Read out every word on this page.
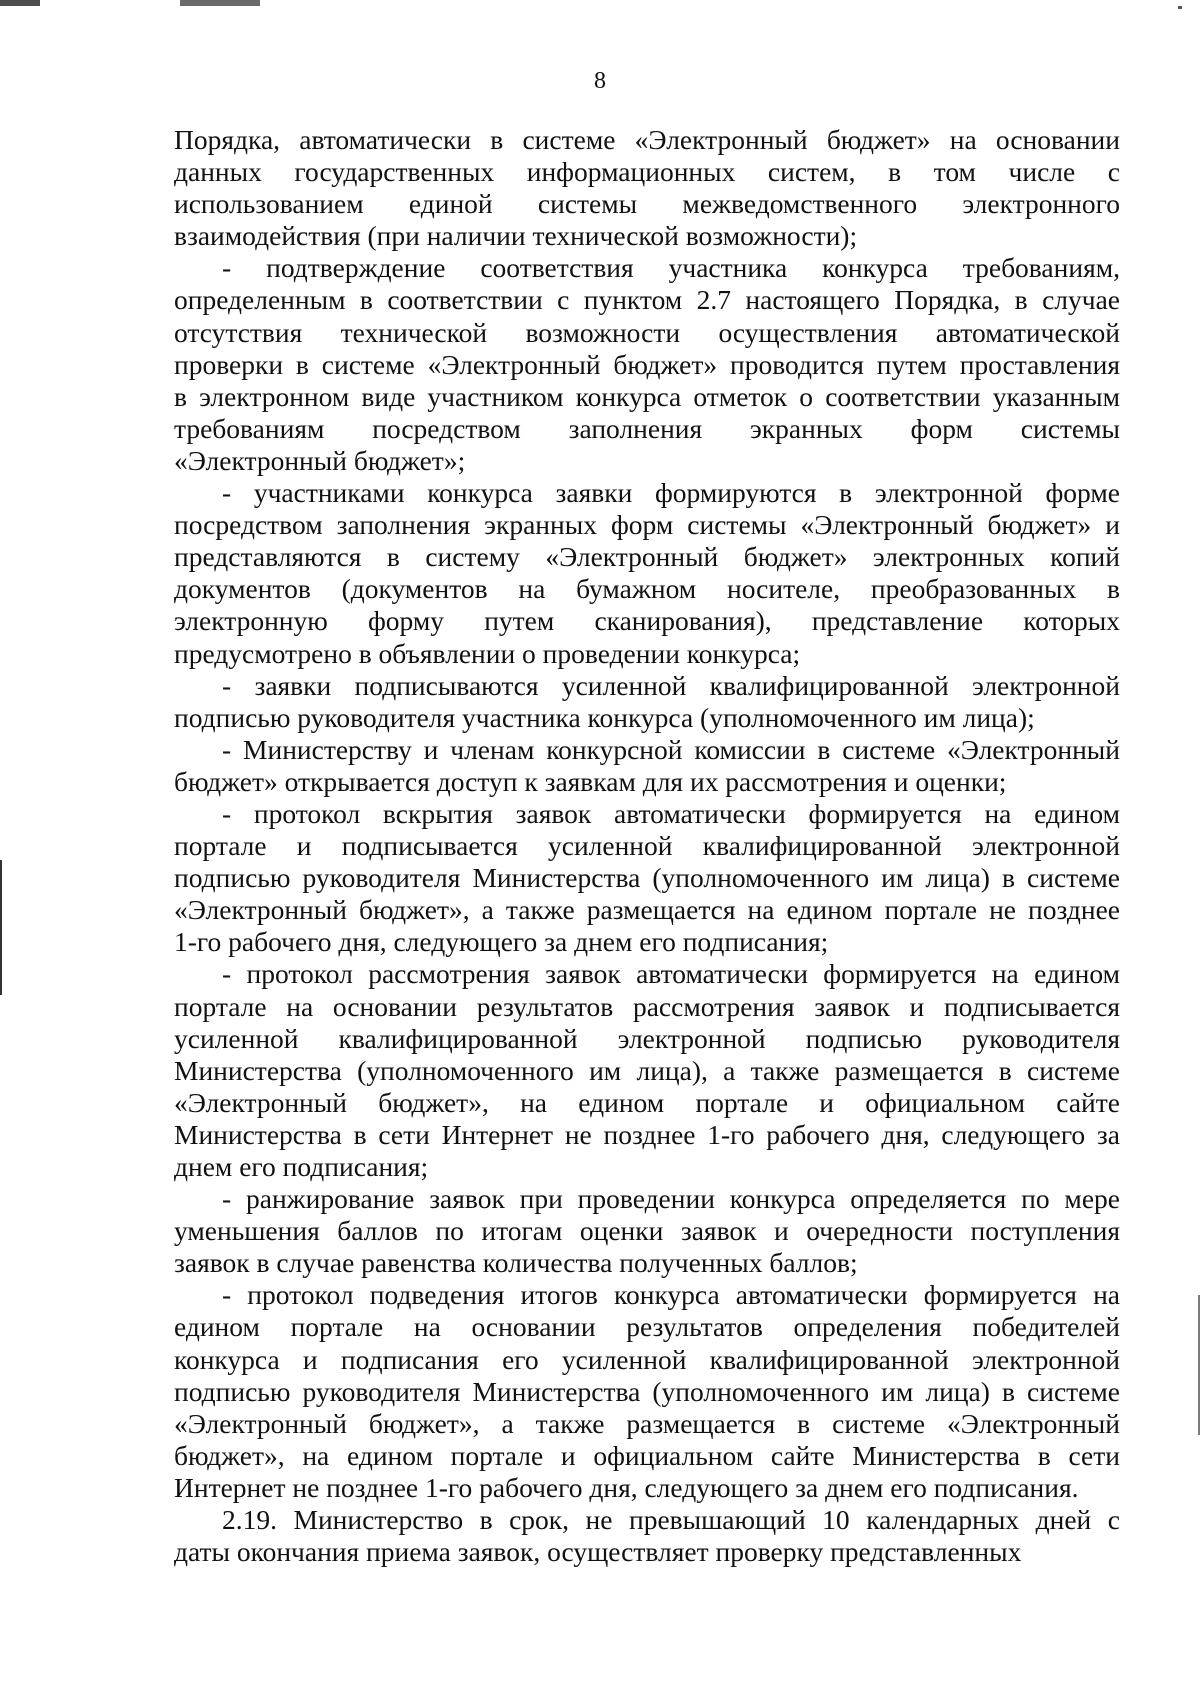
8
Порядка, автоматически в системе «Электронный бюджет» на основании
данных государственных информационных систем, в том числе с
использованием единой системы межведомственного электронного
взаимодействия (при наличии технической возможности);
- подтверждение соответствия участника конкурса требованиям,
определенным в соответствии с пунктом 2.7 настоящего Порядка, в случае
отсутствия технической возможности осуществления автоматической
проверки в системе «Электронный бюджет» проводится путем проставления
в электронном виде участником конкурса отметок о соответствии указанным
требованиям посредством заполнения экранных форм системы
«Электронный бюджет»;
- участниками конкурса заявки формируются в электронной форме
посредством заполнения экранных форм системы «Электронный бюджет» и
представляются в систему «Электронный бюджет» электронных копий
документов (документов на бумажном носителе, преобразованных в
электронную форму путем сканирования), представление которых
предусмотрено в объявлении о проведении конкурса;
- заявки подписываются усиленной квалифицированной электронной
подписью руководителя участника конкурса (уполномоченного им лица);
- Министерству и членам конкурсной комиссии в системе «Электронный
бюджет» открывается доступ к заявкам для их рассмотрения и оценки;
- протокол вскрытия заявок автоматически формируется на едином
портале и подписывается усиленной квалифицированной электронной
подписью руководителя Министерства (уполномоченного им лица) в системе
«Электронный бюджет», а также размещается на едином портале не позднее
1-го рабочего дня, следующего за днем его подписания;
- протокол рассмотрения заявок автоматически формируется на едином
портале на основании результатов рассмотрения заявок и подписывается
усиленной квалифицированной электронной подписью руководителя
Министерства (уполномоченного им лица), а также размещается в системе
«Электронный бюджет», на едином портале и официальном сайте
Министерства в сети Интернет не позднее 1-го рабочего дня, следующего за
днем его подписания;
- ранжирование заявок при проведении конкурса определяется по мере
уменьшения баллов по итогам оценки заявок и очередности поступления
заявок в случае равенства количества полученных баллов;
- протокол подведения итогов конкурса автоматически формируется на
едином портале на основании результатов определения победителей
конкурса и подписания его усиленной квалифицированной электронной
подписью руководителя Министерства (уполномоченного им лица) в системе
«Электронный бюджет», а также размещается в системе «Электронный
бюджет», на едином портале и официальном сайте Министерства в сети
Интернет не позднее 1-го рабочего дня, следующего за днем его подписания.
2.19. Министерство в срок, не превышающий 10 календарных дней с
даты окончания приема заявок, осуществляет проверку представленных
